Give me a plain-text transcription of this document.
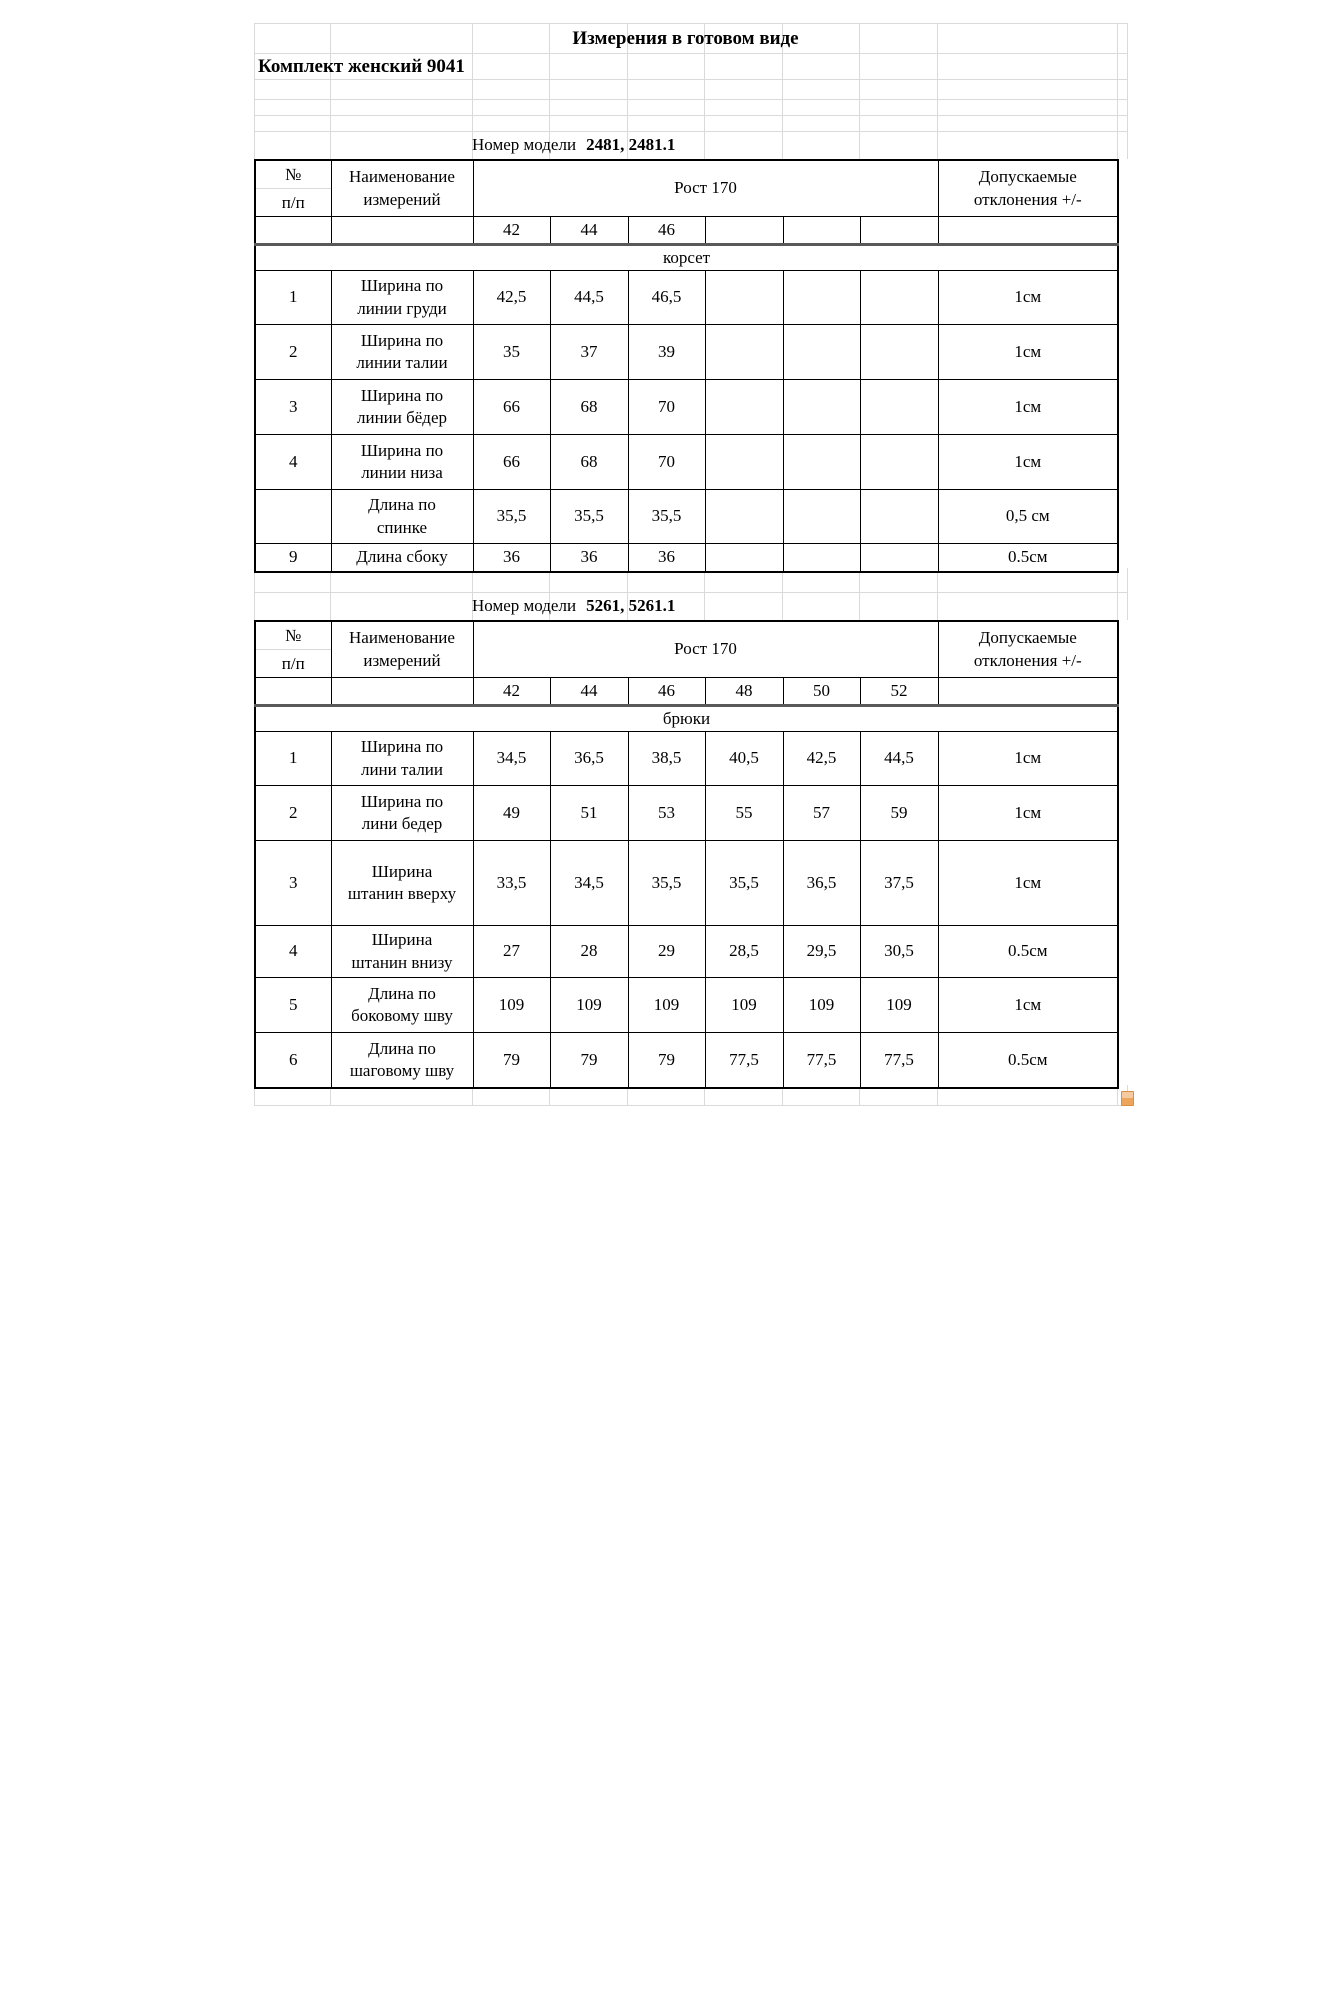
Измерения в готовом виде
Комплект женский 9041
Номер модели 2481, 2481.1
Номер модели 5261, 5261.1
№
п/п

Наименование
измерений
	Рост 170	
Допускаемые
отклонения +/-

		42	44	46				

корсет								

1	Ширина по
линии груди	42,5	44,5	46,5				1см

2	Ширина по
линии талии	35	37	39				1см

3	Ширина по
линии бёдер	66	68	70				1см

4	Ширина по
линии низа	66	68	70				1см

	Длина по
спинке	35,5	35,5	35,5				0,5 см

9	Длина сбоку	36	36	36				0.5см
№
п/п

Наименование
измерений
	Рост 170	
Допускаемые
отклонения +/-

		42	44	46	48	50	52	

брюки								

1	Ширина по
лини талии	34,5	36,5	38,5	40,5	42,5	44,5	1см

2	Ширина по
лини бедер	49	51	53	55	57	59	1см

3	Ширина
штанин вверху	33,5	34,5	35,5	35,5	36,5	37,5	1см

4	Ширина
штанин внизу	27	28	29	28,5	29,5	30,5	0.5см

5	Длина по
боковому шву	109	109	109	109	109	109	1см

6	Длина по
шаговому шву	79	79	79	77,5	77,5	77,5	0.5см
